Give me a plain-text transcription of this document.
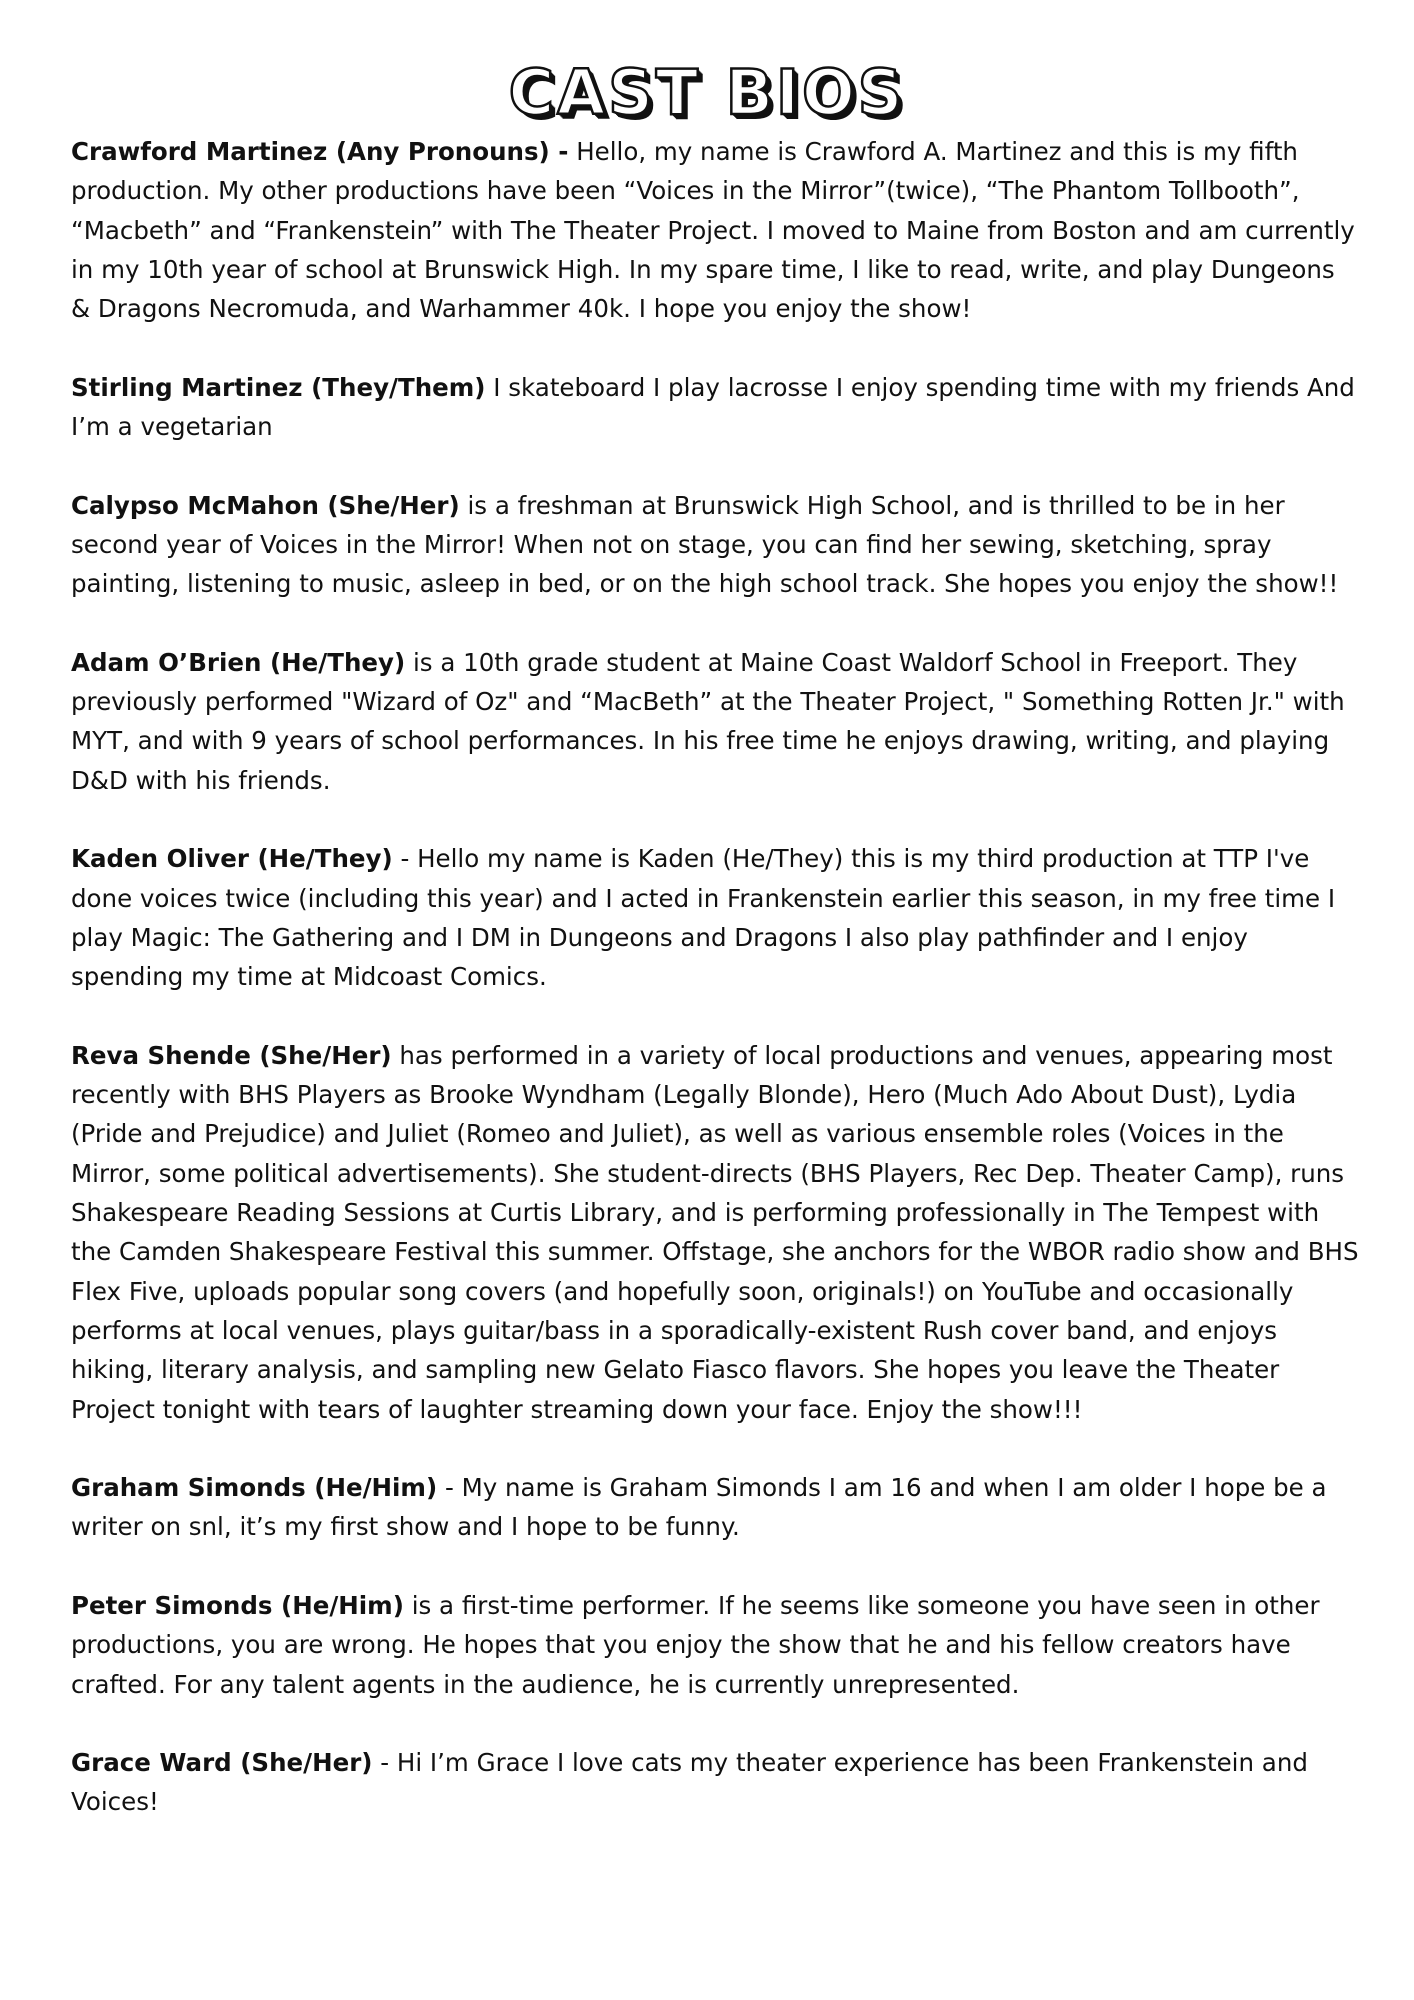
CAST BIOS

Crawford Martinez (Any Pronouns) - Hello, my name is Crawford A. Martinez and this is my fifth production. My other productions have been “Voices in the Mirror”(twice), “The Phantom Tollbooth”, “Macbeth” and “Frankenstein” with The Theater Project. I moved to Maine from Boston and am currently in my 10th year of school at Brunswick High. In my spare time, I like to read, write, and play Dungeons & Dragons Necromuda, and Warhammer 40k. I hope you enjoy the show!

Stirling Martinez (They/Them) I skateboard I play lacrosse I enjoy spending time with my friends And I’m a vegetarian

Calypso McMahon (She/Her) is a freshman at Brunswick High School, and is thrilled to be in her second year of Voices in the Mirror! When not on stage, you can find her sewing, sketching, spray painting, listening to music, asleep in bed, or on the high school track. She hopes you enjoy the show!!

Adam O’Brien (He/They) is a 10th grade student at Maine Coast Waldorf School in Freeport. They previously performed "Wizard of Oz" and “MacBeth” at the Theater Project, " Something Rotten Jr." with MYT, and with 9 years of school performances. In his free time he enjoys drawing, writing, and playing D&D with his friends.

Kaden Oliver (He/They) - Hello my name is Kaden (He/They) this is my third production at TTP I've done voices twice (including this year) and I acted in Frankenstein earlier this season, in my free time I play Magic: The Gathering and I DM in Dungeons and Dragons I also play pathfinder and I enjoy spending my time at Midcoast Comics.

Reva Shende (She/Her) has performed in a variety of local productions and venues, appearing most recently with BHS Players as Brooke Wyndham (Legally Blonde), Hero (Much Ado About Dust), Lydia (Pride and Prejudice) and Juliet (Romeo and Juliet), as well as various ensemble roles (Voices in the Mirror, some political advertisements). She student-directs (BHS Players, Rec Dep. Theater Camp), runs Shakespeare Reading Sessions at Curtis Library, and is performing professionally in The Tempest with the Camden Shakespeare Festival this summer. Offstage, she anchors for the WBOR radio show and BHS Flex Five, uploads popular song covers (and hopefully soon, originals!) on YouTube and occasionally performs at local venues, plays guitar/bass in a sporadically-existent Rush cover band, and enjoys hiking, literary analysis, and sampling new Gelato Fiasco flavors. She hopes you leave the Theater Project tonight with tears of laughter streaming down your face. Enjoy the show!!!

Graham Simonds (He/Him) - My name is Graham Simonds I am 16 and when I am older I hope be a writer on snl, it’s my first show and I hope to be funny.

Peter Simonds (He/Him) is a first-time performer. If he seems like someone you have seen in other productions, you are wrong. He hopes that you enjoy the show that he and his fellow creators have crafted. For any talent agents in the audience, he is currently unrepresented.

Grace Ward (She/Her) - Hi I’m Grace I love cats my theater experience has been Frankenstein and Voices!
